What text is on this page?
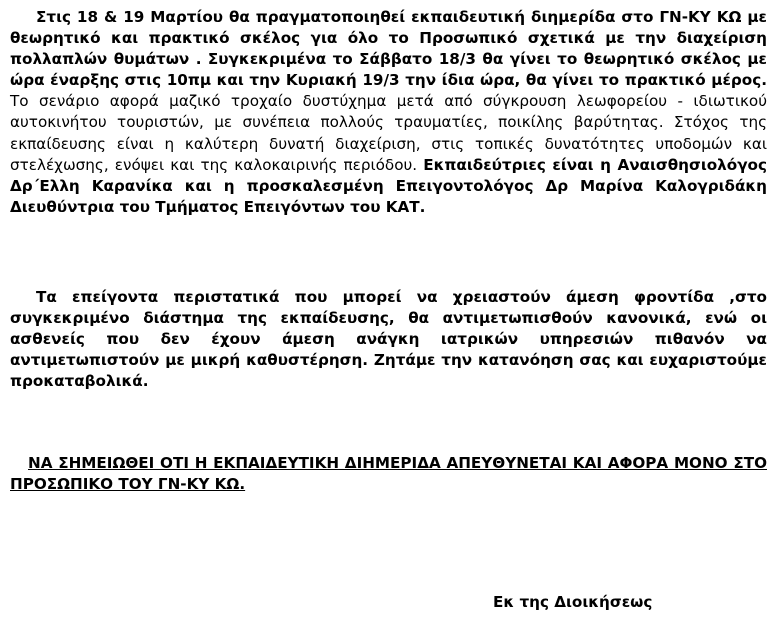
Στις 18 & 19 Μαρτίου θα πραγματοποιηθεί εκπαιδευτική διημερίδα στο ΓΝ-ΚΥ ΚΩ με θεωρητικό και πρακτικό σκέλος για όλο το Προσωπικό σχετικά με την διαχείριση πολλαπλών θυμάτων . Συγκεκριμένα το Σάββατο 18/3 θα γίνει το θεωρητικό σκέλος με ώρα έναρξης στις 10πμ και την Κυριακή 19/3 την ίδια ώρα, θα γίνει το πρακτικό μέρος. Το σενάριο αφορά μαζικό τροχαίο δυστύχημα μετά από σύγκρουση λεωφορείου - ιδιωτικού αυτοκινήτου τουριστών, με συνέπεια πολλούς τραυματίες, ποικίλης βαρύτητας. Στόχος της εκπαίδευσης είναι η καλύτερη δυνατή διαχείριση, στις τοπικές δυνατότητες υποδομών και στελέχωσης, ενόψει και της καλοκαιρινής περιόδου. Εκπαιδεύτριες είναι η Αναισθησιολόγος Δρ΄Ελλη Καρανίκα και η προσκαλεσμένη Επειγοντολόγος Δρ Μαρίνα Καλογριδάκη Διευθύντρια του Τμήματος Επειγόντων του ΚΑΤ.

Τα επείγοντα περιστατικά που μπορεί να χρειαστούν άμεση φροντίδα ,στο συγκεκριμένο διάστημα της εκπαίδευσης, θα αντιμετωπισθούν κανονικά, ενώ οι ασθενείς που δεν έχουν άμεση ανάγκη ιατρικών υπηρεσιών πιθανόν να αντιμετωπιστούν με μικρή καθυστέρηση. Ζητάμε την κατανόηση σας και ευχαριστούμε προκαταβολικά.

ΝΑ ΣΗΜΕΙΩΘΕΙ ΟΤΙ Η ΕΚΠΑΙΔΕΥΤΙΚΗ ΔΙΗΜΕΡΙΔΑ ΑΠΕΥΘΥΝΕΤΑΙ ΚΑΙ ΑΦΟΡΑ ΜΟΝΟ ΣΤΟ ΠΡΟΣΩΠΙΚΟ ΤΟΥ ΓΝ-ΚΥ ΚΩ.

Εκ της Διοικήσεως
